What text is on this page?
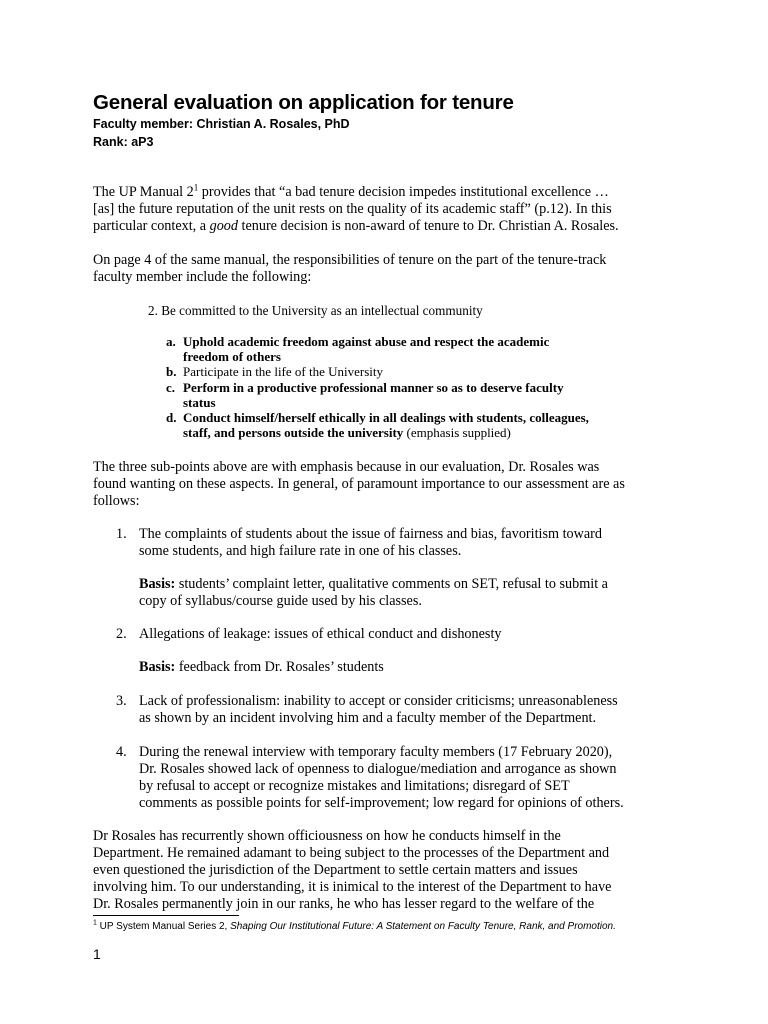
General evaluation on application for tenure
Faculty member: Christian A. Rosales, PhD
Rank: aP3
The UP Manual $2^1$ provides that “a bad tenure decision impedes institutional excellence …
[as] the future reputation of the unit rests on the quality of its academic staff” (p.12). In this
particular context, a good tenure decision is non-award of tenure to Dr. Christian A. Rosales.
On page 4 of the same manual, the responsibilities of tenure on the part of the tenure-track
faculty member include the following:
2. Be committed to the University as an intellectual community
a. Uphold academic freedom against abuse and respect the academic
freedom of others
b. Participate in the life of the University
c. Perform in a productive professional manner so as to deserve faculty
status
d. Conduct himself/herself ethically in all dealings with students, colleagues,
staff, and persons outside the university (emphasis supplied)
The three sub-points above are with emphasis because in our evaluation, Dr. Rosales was
found wanting on these aspects. In general, of paramount importance to our assessment are as
follows:
1. The complaints of students about the issue of fairness and bias, favoritism toward
some students, and high failure rate in one of his classes.
Basis: students’ complaint letter, qualitative comments on SET, refusal to submit a
copy of syllabus/course guide used by his classes.
2. Allegations of leakage: issues of ethical conduct and dishonesty
Basis: feedback from Dr. Rosales’ students
3. Lack of professionalism: inability to accept or consider criticisms; unreasonableness
as shown by an incident involving him and a faculty member of the Department.
4. During the renewal interview with temporary faculty members (17 February 2020),
Dr. Rosales showed lack of openness to dialogue/mediation and arrogance as shown
by refusal to accept or recognize mistakes and limitations; disregard of SET
comments as possible points for self-improvement; low regard for opinions of others.
Dr Rosales has recurrently shown officiousness on how he conducts himself in the
Department. He remained adamant to being subject to the processes of the Department and
even questioned the jurisdiction of the Department to settle certain matters and issues
involving him. To our understanding, it is inimical to the interest of the Department to have
Dr. Rosales permanently join in our ranks, he who has lesser regard to the welfare of the
$^1$ UP System Manual Series 2, Shaping Our Institutional Future: A Statement on Faculty Tenure, Rank, and Promotion.
1
